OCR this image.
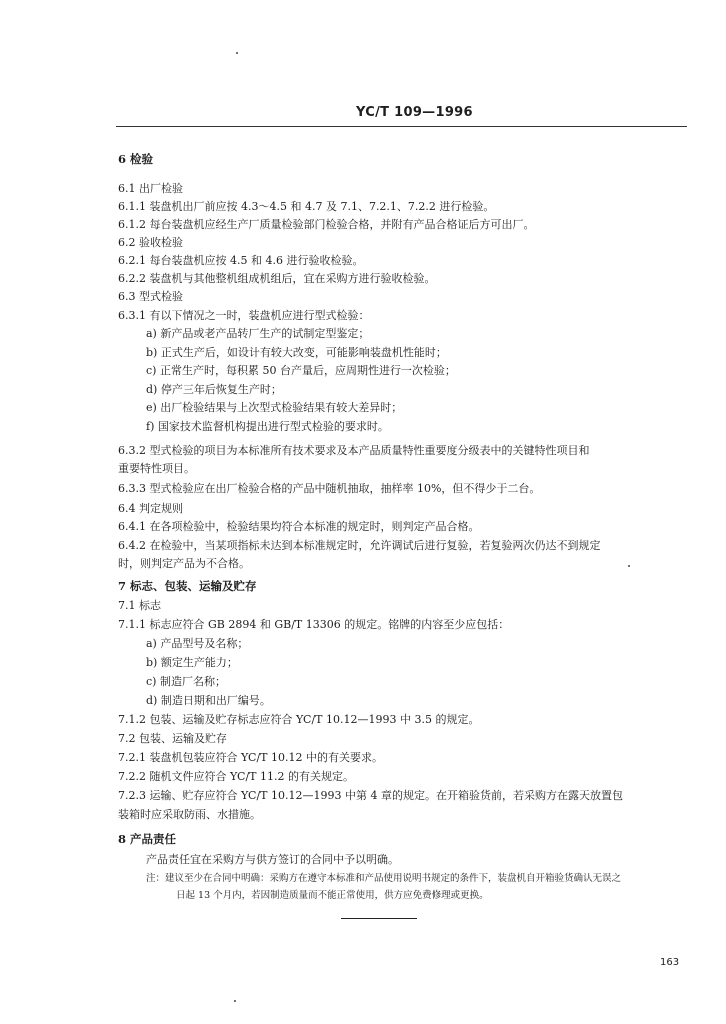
YC/T 109—1996
6 检验
6.1 出厂检验
6.1.1 装盘机出厂前应按 4.3～4.5 和 4.7 及 7.1、7.2.1、7.2.2 进行检验。
6.1.2 每台装盘机应经生产厂质量检验部门检验合格，并附有产品合格证后方可出厂。
6.2 验收检验
6.2.1 每台装盘机应按 4.5 和 4.6 进行验收检验。
6.2.2 装盘机与其他整机组成机组后，宜在采购方进行验收检验。
6.3 型式检验
6.3.1 有以下情况之一时，装盘机应进行型式检验：
a) 新产品或老产品转厂生产的试制定型鉴定；
b) 正式生产后，如设计有较大改变，可能影响装盘机性能时；
c) 正常生产时，每积累 50 台产量后，应周期性进行一次检验；
d) 停产三年后恢复生产时；
e) 出厂检验结果与上次型式检验结果有较大差异时；
f) 国家技术监督机构提出进行型式检验的要求时。
6.3.2 型式检验的项目为本标准所有技术要求及本产品质量特性重要度分级表中的关键特性项目和
重要特性项目。
6.3.3 型式检验应在出厂检验合格的产品中随机抽取，抽样率 10%，但不得少于二台。
6.4 判定规则
6.4.1 在各项检验中，检验结果均符合本标准的规定时，则判定产品合格。
6.4.2 在检验中，当某项指标未达到本标准规定时，允许调试后进行复验，若复验两次仍达不到规定
时，则判定产品为不合格。
7 标志、包装、运输及贮存
7.1 标志
7.1.1 标志应符合 GB 2894 和 GB/T 13306 的规定。铭牌的内容至少应包括：
a) 产品型号及名称；
b) 额定生产能力；
c) 制造厂名称；
d) 制造日期和出厂编号。
7.1.2 包装、运输及贮存标志应符合 YC/T 10.12—1993 中 3.5 的规定。
7.2 包装、运输及贮存
7.2.1 装盘机包装应符合 YC/T 10.12 中的有关要求。
7.2.2 随机文件应符合 YC/T 11.2 的有关规定。
7.2.3 运输、贮存应符合 YC/T 10.12—1993 中第 4 章的规定。在开箱验货前，若采购方在露天放置包
装箱时应采取防雨、水措施。
8 产品责任
产品责任宜在采购方与供方签订的合同中予以明确。
注：建议至少在合同中明确：采购方在遵守本标准和产品使用说明书规定的条件下，装盘机自开箱验货确认无误之
日起 13 个月内，若因制造质量而不能正常使用，供方应免费修理或更换。
163
